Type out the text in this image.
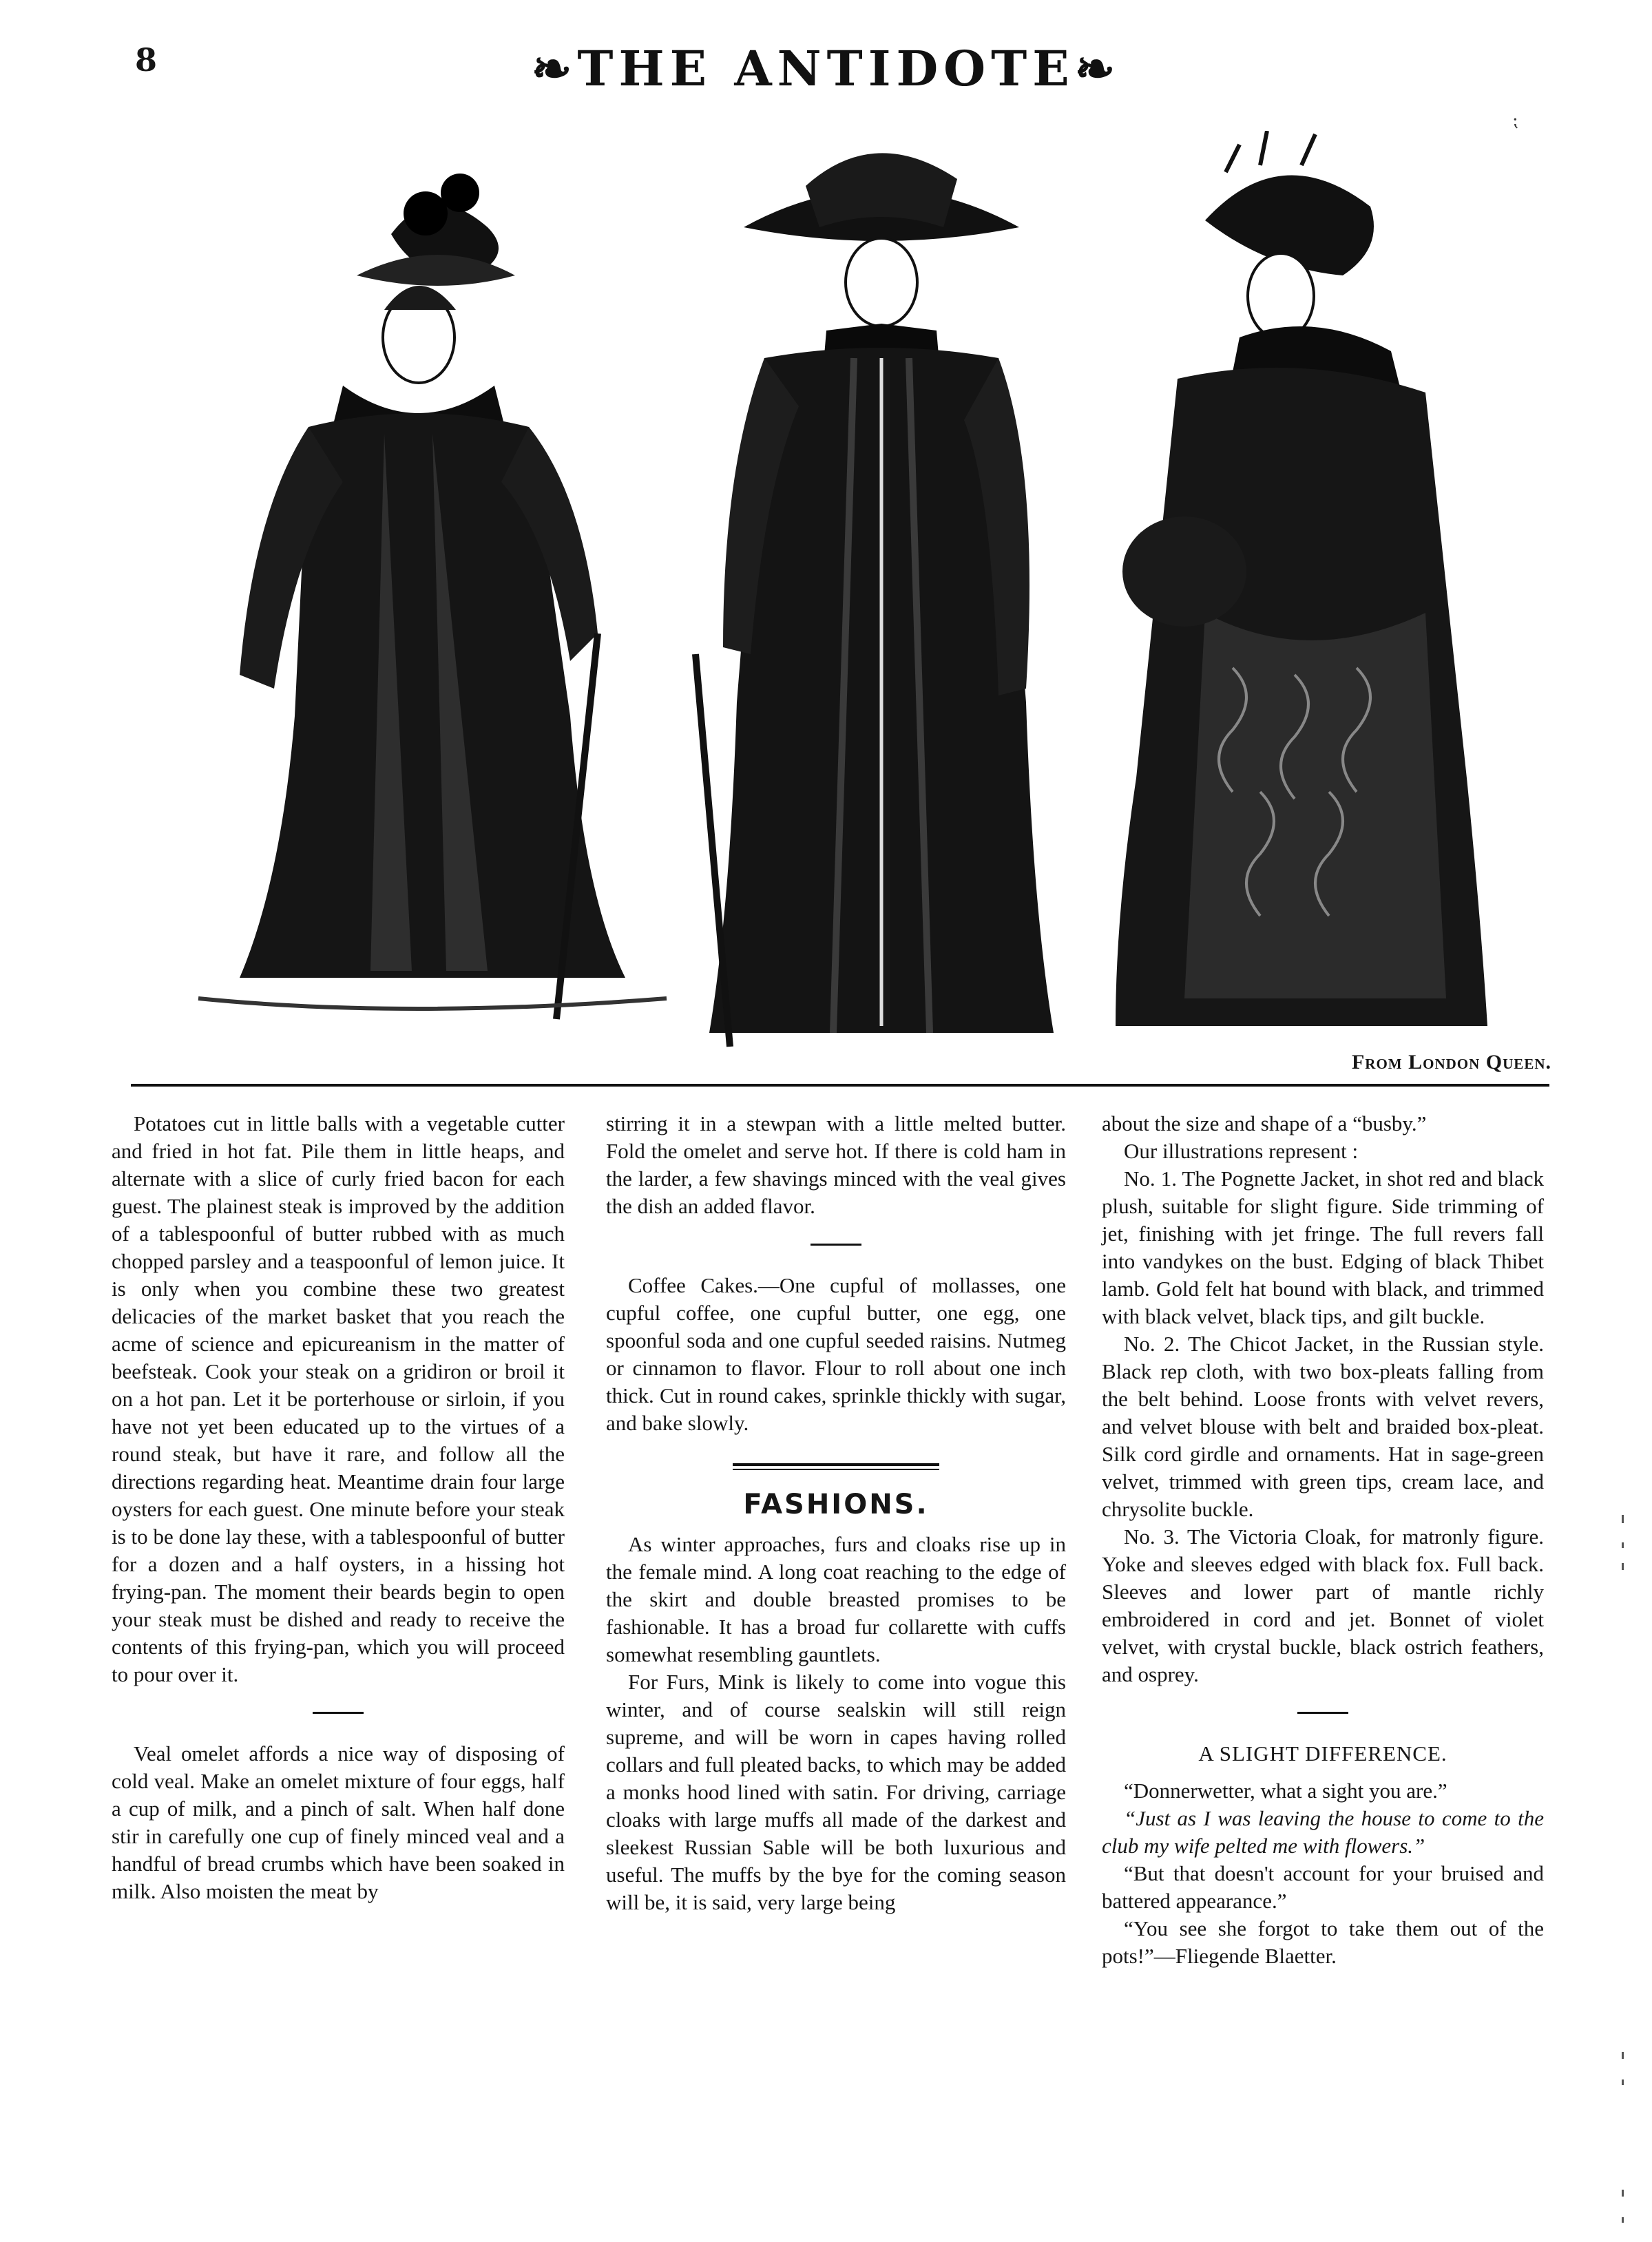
8	❧THE ANTIDOTE❧
⁏
From London Queen.

Potatoes cut in little balls with a vegetable cutter and fried in hot fat. Pile them in little heaps, and alternate with a slice of curly fried bacon for each guest. The plainest steak is improved by the addition of a tablespoonful of butter rubbed with as much chopped parsley and a teaspoonful of lemon juice. It is only when you combine these two greatest delicacies of the market basket that you reach the acme of science and epicureanism in the matter of beefsteak. Cook your steak on a gridiron or broil it on a hot pan. Let it be porterhouse or sirloin, if you have not yet been educated up to the virtues of a round steak, but have it rare, and follow all the directions regarding heat. Meantime drain four large oysters for each guest. One minute before your steak is to be done lay these, with a tablespoonful of butter for a dozen and a half oysters, in a hissing hot frying-pan. The moment their beards begin to open your steak must be dished and ready to receive the contents of this frying-pan, which you will proceed to pour over it.

Veal omelet affords a nice way of disposing of cold veal. Make an omelet mixture of four eggs, half a cup of milk, and a pinch of salt. When half done stir in carefully one cup of finely minced veal and a handful of bread crumbs which have been soaked in milk. Also moisten the meat by

stirring it in a stewpan with a little melted butter. Fold the omelet and serve hot. If there is cold ham in the larder, a few shavings minced with the veal gives the dish an added flavor.

Coffee Cakes.—One cupful of mollasses, one cupful coffee, one cupful butter, one egg, one spoonful soda and one cupful seeded raisins. Nutmeg or cinnamon to flavor. Flour to roll about one inch thick. Cut in round cakes, sprinkle thickly with sugar, and bake slowly.

FASHIONS.

As winter approaches, furs and cloaks rise up in the female mind. A long coat reaching to the edge of the skirt and double breasted promises to be fashionable. It has a broad fur collarette with cuffs somewhat resembling gauntlets.

For Furs, Mink is likely to come into vogue this winter, and of course sealskin will still reign supreme, and will be worn in capes having rolled collars and full pleated backs, to which may be added a monks hood lined with satin. For driving, carriage cloaks with large muffs all made of the darkest and sleekest Russian Sable will be both luxurious and useful. The muffs by the bye for the coming season will be, it is said, very large being

about the size and shape of a “busby.”

Our illustrations represent :

No. 1. The Pognette Jacket, in shot red and black plush, suitable for slight figure. Side trimming of jet, finishing with jet fringe. The full revers fall into vandykes on the bust. Edging of black Thibet lamb. Gold felt hat bound with black, and trimmed with black velvet, black tips, and gilt buckle.

No. 2. The Chicot Jacket, in the Russian style. Black rep cloth, with two box-pleats falling from the belt behind. Loose fronts with velvet revers, and velvet blouse with belt and braided box-pleat. Silk cord girdle and ornaments. Hat in sage-green velvet, trimmed with green tips, cream lace, and chrysolite buckle.

No. 3. The Victoria Cloak, for matronly figure. Yoke and sleeves edged with black fox. Full back. Sleeves and lower part of mantle richly embroidered in cord and jet. Bonnet of violet velvet, with crystal buckle, black ostrich feathers, and osprey.

A SLIGHT DIFFERENCE.

“Donnerwetter, what a sight you are.”

“Just as I was leaving the house to come to the club my wife pelted me with flowers.”

“But that doesn't account for your bruised and battered appearance.”

“You see she forgot to take them out of the pots!”—Fliegende Blaetter.
